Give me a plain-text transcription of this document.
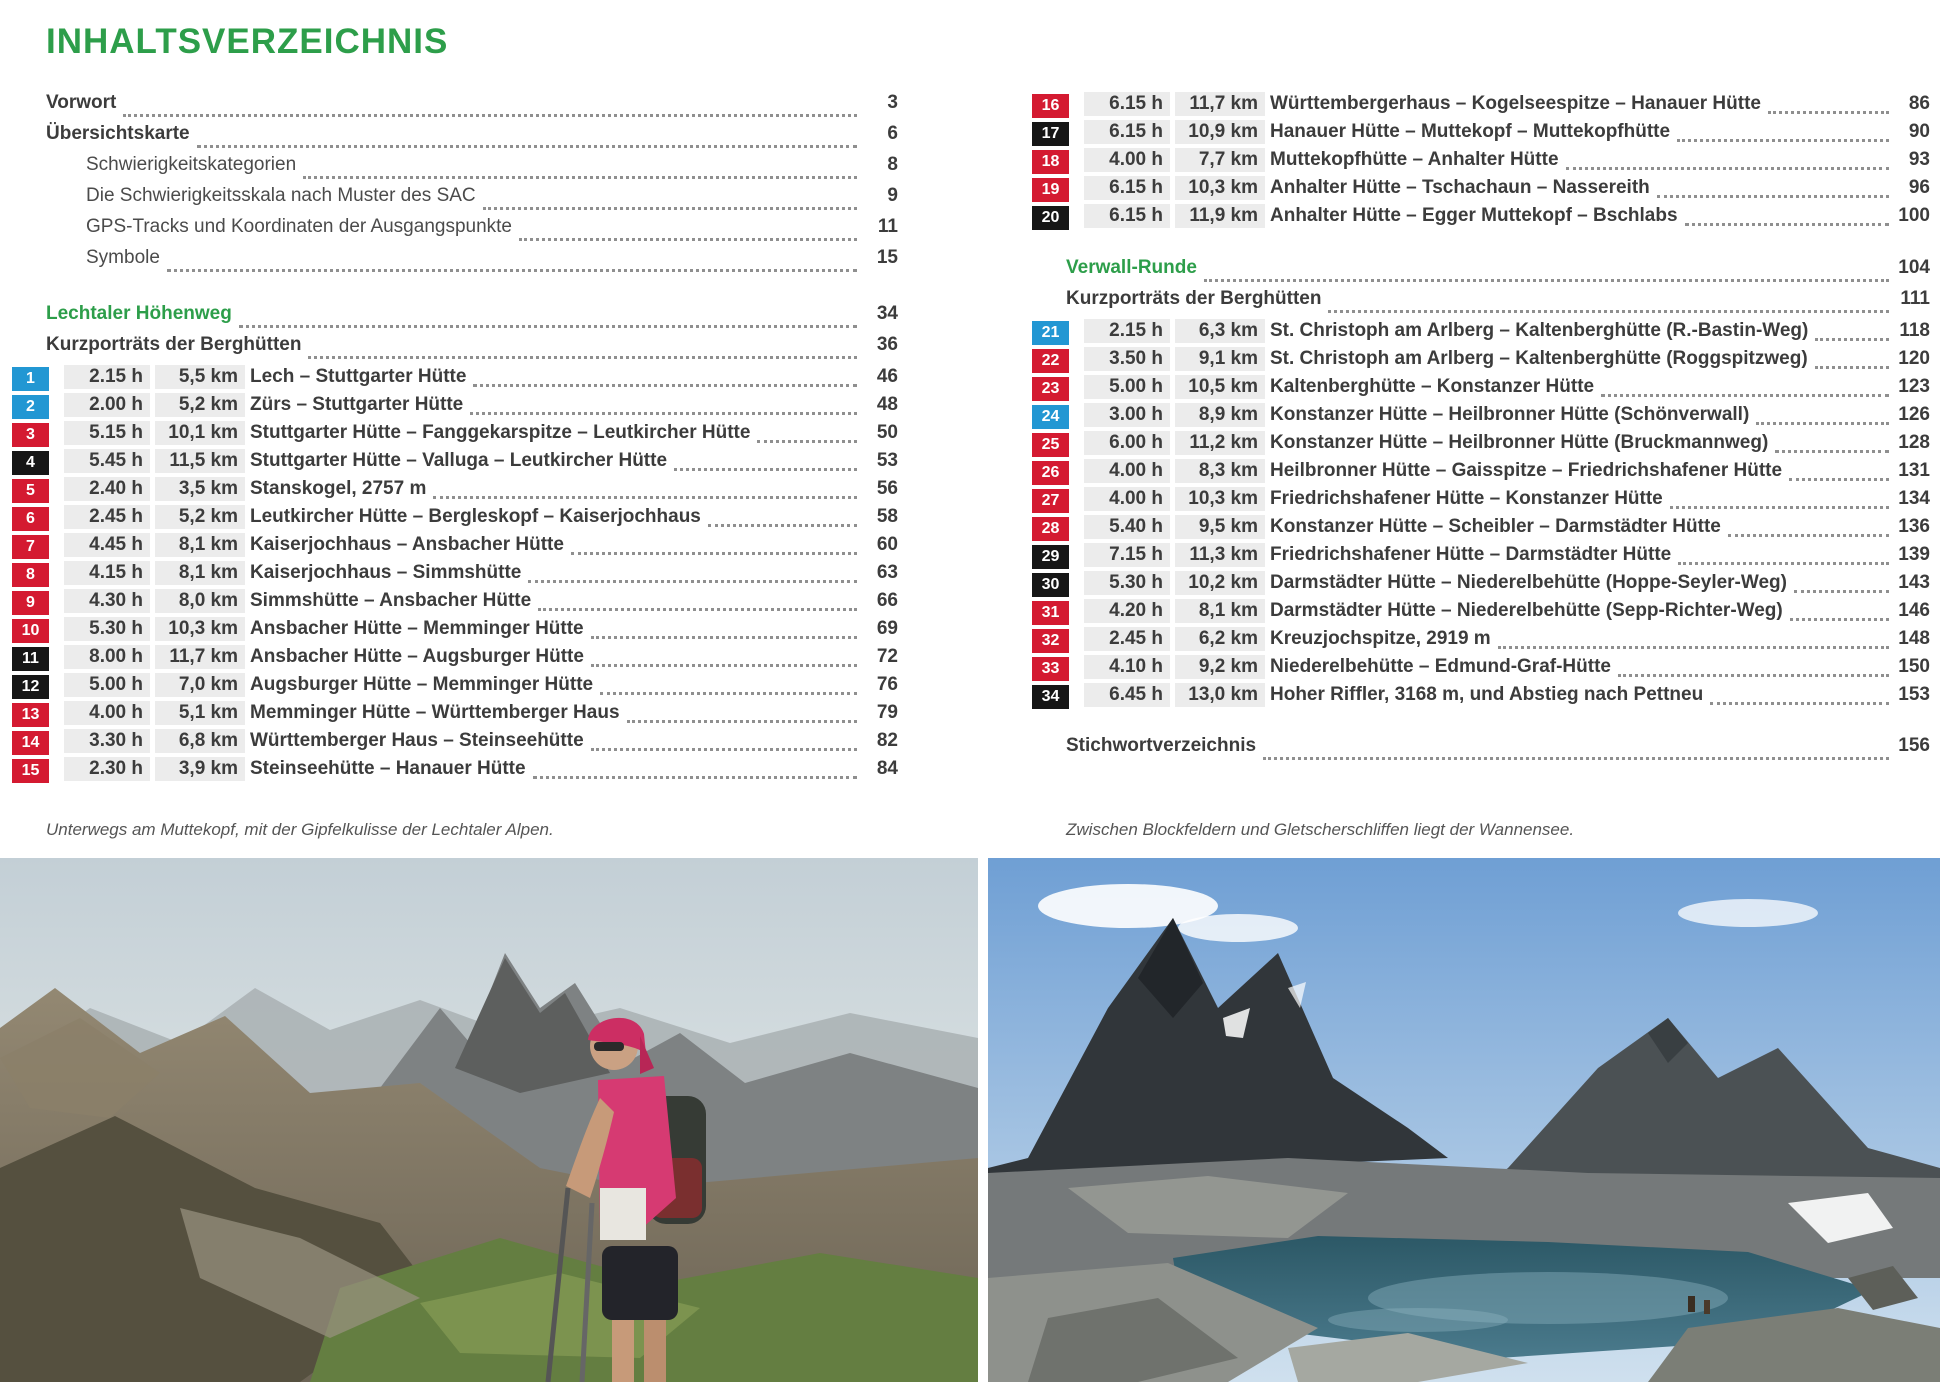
INHALTSVERZEICHNIS
Vorwort	3
Übersichtskarte	6
Schwierigkeitskategorien	8
Die Schwierigkeitsskala nach Muster des SAC	9
GPS-Tracks und Koordinaten der Ausgangspunkte	11
Symbole	15
Lechtaler Höhenweg	34
Kurzporträts der Berghütten	36
1	2.15 h	5,5 km Lech – Stuttgarter Hütte	46
2	2.00 h	5,2 km Zürs – Stuttgarter Hütte	48
3	5.15 h	10,1 km Stuttgarter Hütte – Fanggekarspitze – Leutkircher Hütte	50
4	5.45 h	11,5 km Stuttgarter Hütte – Valluga – Leutkircher Hütte	53
5	2.40 h	3,5 km Stanskogel, 2757 m	56
6	2.45 h	5,2 km Leutkircher Hütte – Bergleskopf – Kaiserjochhaus	58
7	4.45 h	8,1 km Kaiserjochhaus – Ansbacher Hütte	60
8	4.15 h	8,1 km Kaiserjochhaus – Simmshütte	63
9	4.30 h	8,0 km Simmshütte – Ansbacher Hütte	66
10	5.30 h	10,3 km Ansbacher Hütte – Memminger Hütte	69
11	8.00 h	11,7 km Ansbacher Hütte – Augsburger Hütte	72
12	5.00 h	7,0 km Augsburger Hütte – Memminger Hütte	76
13	4.00 h	5,1 km Memminger Hütte – Württemberger Haus	79
14	3.30 h	6,8 km Württemberger Haus – Steinseehütte	82
15	2.30 h	3,9 km Steinseehütte – Hanauer Hütte	84
Unterwegs am Muttekopf, mit der Gipfelkulisse der Lechtaler Alpen.
16	6.15 h	11,7 km Württembergerhaus – Kogelseespitze – Hanauer Hütte	86
17	6.15 h	10,9 km Hanauer Hütte – Muttekopf – Muttekopfhütte	90
18	4.00 h	7,7 km Muttekopfhütte – Anhalter Hütte	93
19	6.15 h	10,3 km Anhalter Hütte – Tschachaun – Nassereith	96
20	6.15 h	11,9 km Anhalter Hütte – Egger Muttekopf – Bschlabs	100
Verwall-Runde	104
Kurzporträts der Berghütten	111
21	2.15 h	6,3 km St. Christoph am Arlberg – Kaltenberghütte (R.-Bastin-Weg)	118
22	3.50 h	9,1 km St. Christoph am Arlberg – Kaltenberghütte (Roggspitzweg)	120
23	5.00 h	10,5 km Kaltenberghütte – Konstanzer Hütte	123
24	3.00 h	8,9 km Konstanzer Hütte – Heilbronner Hütte (Schönverwall)	126
25	6.00 h	11,2 km Konstanzer Hütte – Heilbronner Hütte (Bruckmannweg)	128
26	4.00 h	8,3 km Heilbronner Hütte – Gaisspitze – Friedrichshafener Hütte	131
27	4.00 h	10,3 km Friedrichshafener Hütte – Konstanzer Hütte	134
28	5.40 h	9,5 km Konstanzer Hütte – Scheibler – Darmstädter Hütte	136
29	7.15 h	11,3 km Friedrichshafener Hütte – Darmstädter Hütte	139
30	5.30 h	10,2 km Darmstädter Hütte – Niederelbehütte (Hoppe-Seyler-Weg)	143
31	4.20 h	8,1 km Darmstädter Hütte – Niederelbehütte (Sepp-Richter-Weg)	146
32	2.45 h	6,2 km Kreuzjochspitze, 2919 m	148
33	4.10 h	9,2 km Niederelbehütte – Edmund-Graf-Hütte	150
34	6.45 h	13,0 km Hoher Riffler, 3168 m, und Abstieg nach Pettneu	153
Stichwortverzeichnis	156
Zwischen Blockfeldern und Gletscherschliffen liegt der Wannensee.
